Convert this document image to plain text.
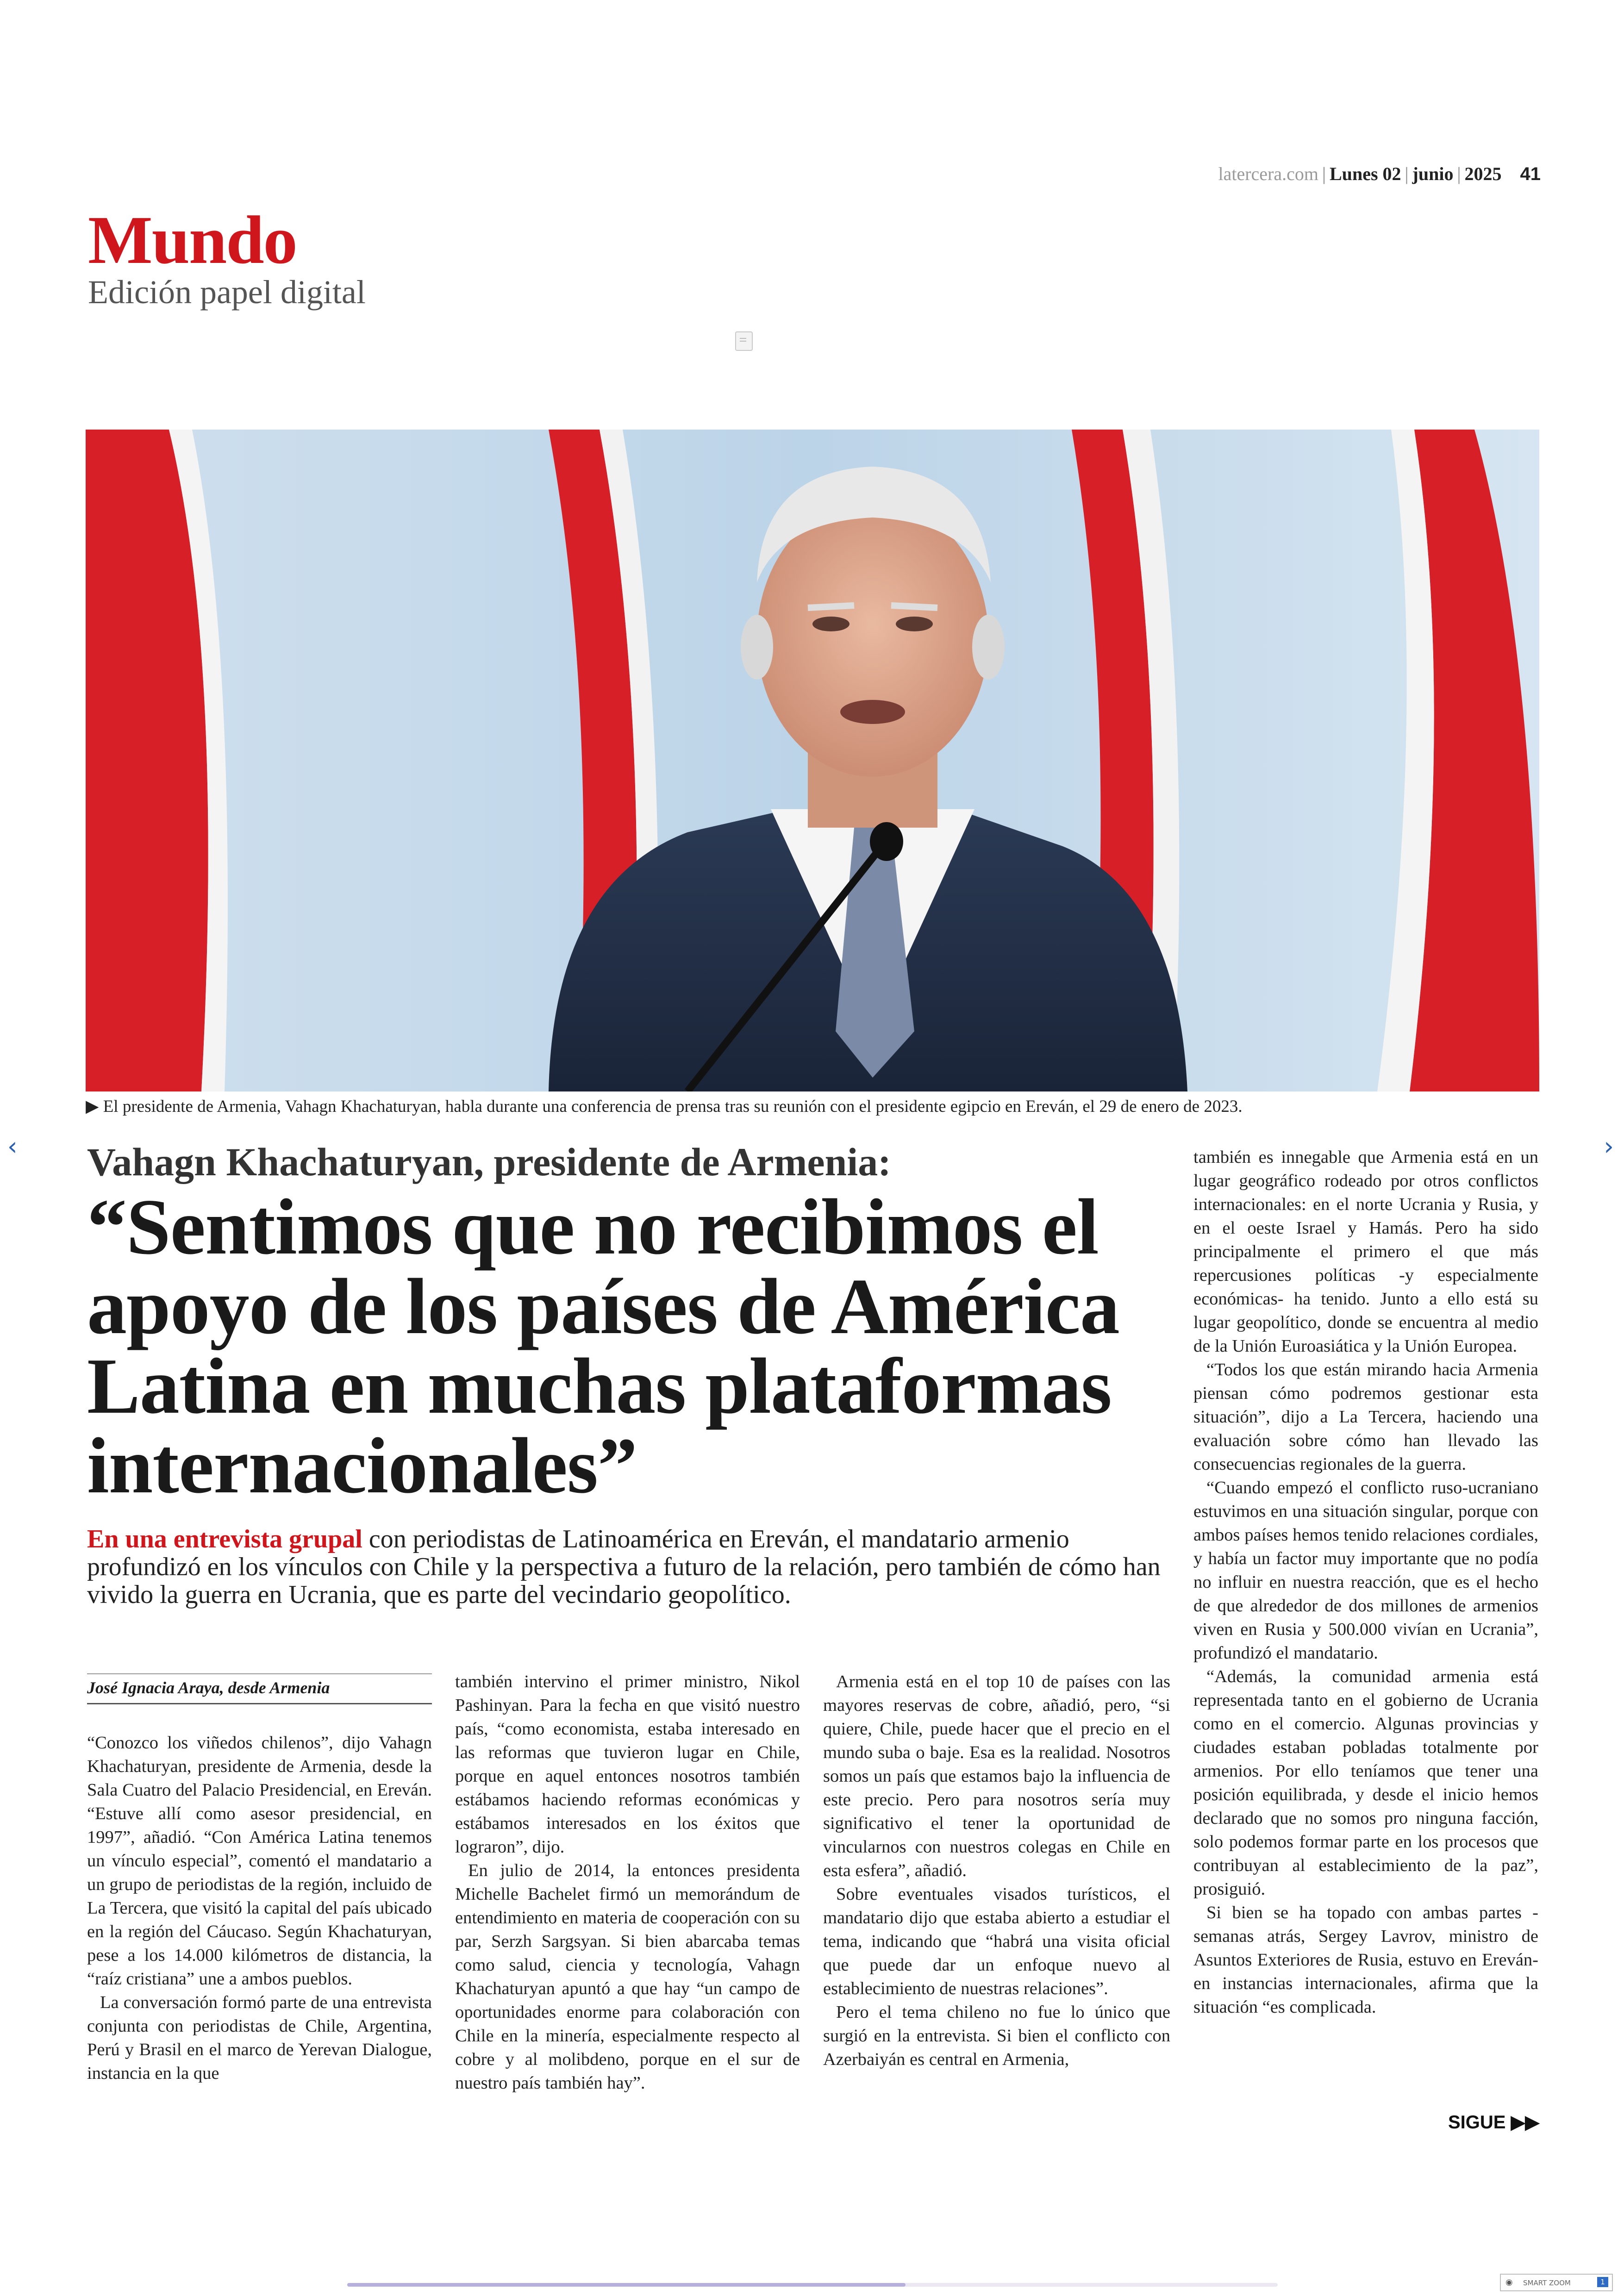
latercera.com | Lunes 02 | junio | 2025 41
Mundo
Edición papel digital
▶ El presidente de Armenia, Vahagn Khachaturyan, habla durante una conferencia de prensa tras su reunión con el presidente egipcio en Ereván, el 29 de enero de 2023.
‹	›
Vahagn Khachaturyan, presidente de Armenia:
“Sentimos que no recibimos el apoyo de los países de América Latina en muchas plataformas internacionales”

En una entrevista grupal con periodistas de Latinoamérica en Ereván, el mandatario armenio profundizó en los vínculos con Chile y la perspectiva a futuro de la relación, pero también de cómo han vivido la guerra en Ucrania, que es parte del vecindario geopolítico.

José Ignacia Araya, desde Armenia

“Conozco los viñedos chilenos”, dijo Vahagn Khachaturyan, presidente de Armenia, desde la Sala Cuatro del Palacio Presidencial, en Ereván. “Estuve allí como asesor presidencial, en 1997”, añadió. “Con América Latina tenemos un vínculo especial”, comentó el mandatario a un grupo de periodistas de la región, incluido de La Tercera, que visitó la capital del país ubicado en la región del Cáucaso. Según Khachaturyan, pese a los 14.000 kilómetros de distancia, la “raíz cristiana” une a ambos pueblos.

La conversación formó parte de una entrevista conjunta con periodistas de Chile, Argentina, Perú y Brasil en el marco de Yerevan Dialogue, instancia en la que

también intervino el primer ministro, Nikol Pashinyan. Para la fecha en que visitó nuestro país, “como economista, estaba interesado en las reformas que tuvieron lugar en Chile, porque en aquel entonces nosotros también estábamos haciendo reformas económicas y estábamos interesados en los éxitos que lograron”, dijo.

En julio de 2014, la entonces presidenta Michelle Bachelet firmó un memorándum de entendimiento en materia de cooperación con su par, Serzh Sargsyan. Si bien abarcaba temas como salud, ciencia y tecnología, Vahagn Khachaturyan apuntó a que hay “un campo de oportunidades enorme para colaboración con Chile en la minería, especialmente respecto al cobre y al molibdeno, porque en el sur de nuestro país también hay”.

Armenia está en el top 10 de países con las mayores reservas de cobre, añadió, pero, “si quiere, Chile, puede hacer que el precio en el mundo suba o baje. Esa es la realidad. Nosotros somos un país que estamos bajo la influencia de este precio. Pero para nosotros sería muy significativo el tener la oportunidad de vincularnos con nuestros colegas en Chile en esta esfera”, añadió.

Sobre eventuales visados turísticos, el mandatario dijo que estaba abierto a estudiar el tema, indicando que “habrá una visita oficial que puede dar un enfoque nuevo al establecimiento de nuestras relaciones”.

Pero el tema chileno no fue lo único que surgió en la entrevista. Si bien el conflicto con Azerbaiyán es central en Armenia,

también es innegable que Armenia está en un lugar geográfico rodeado por otros conflictos internacionales: en el norte Ucrania y Rusia, y en el oeste Israel y Hamás. Pero ha sido principalmente el primero el que más repercusiones políticas -y especialmente económicas- ha tenido. Junto a ello está su lugar geopolítico, donde se encuentra al medio de la Unión Euroasiática y la Unión Europea.

“Todos los que están mirando hacia Armenia piensan cómo podremos gestionar esta situación”, dijo a La Tercera, haciendo una evaluación sobre cómo han llevado las consecuencias regionales de la guerra.

“Cuando empezó el conflicto ruso-ucraniano estuvimos en una situación singular, porque con ambos países hemos tenido relaciones cordiales, y había un factor muy importante que no podía no influir en nuestra reacción, que es el hecho de que alrededor de dos millones de armenios viven en Rusia y 500.000 vivían en Ucrania”, profundizó el mandatario.

“Además, la comunidad armenia está representada tanto en el gobierno de Ucrania como en el comercio. Algunas provincias y ciudades estaban pobladas totalmente por armenios. Por ello teníamos que tener una posición equilibrada, y desde el inicio hemos declarado que no somos pro ninguna facción, solo podemos formar parte en los procesos que contribuyan al establecimiento de la paz”, prosiguió.

Si bien se ha topado con ambas partes -semanas atrás, Sergey Lavrov, ministro de Asuntos Exteriores de Rusia, estuvo en Ereván- en instancias internacionales, afirma que la situación “es complicada.

SIGUE ▶▶
◉ SMART ZOOM	1
